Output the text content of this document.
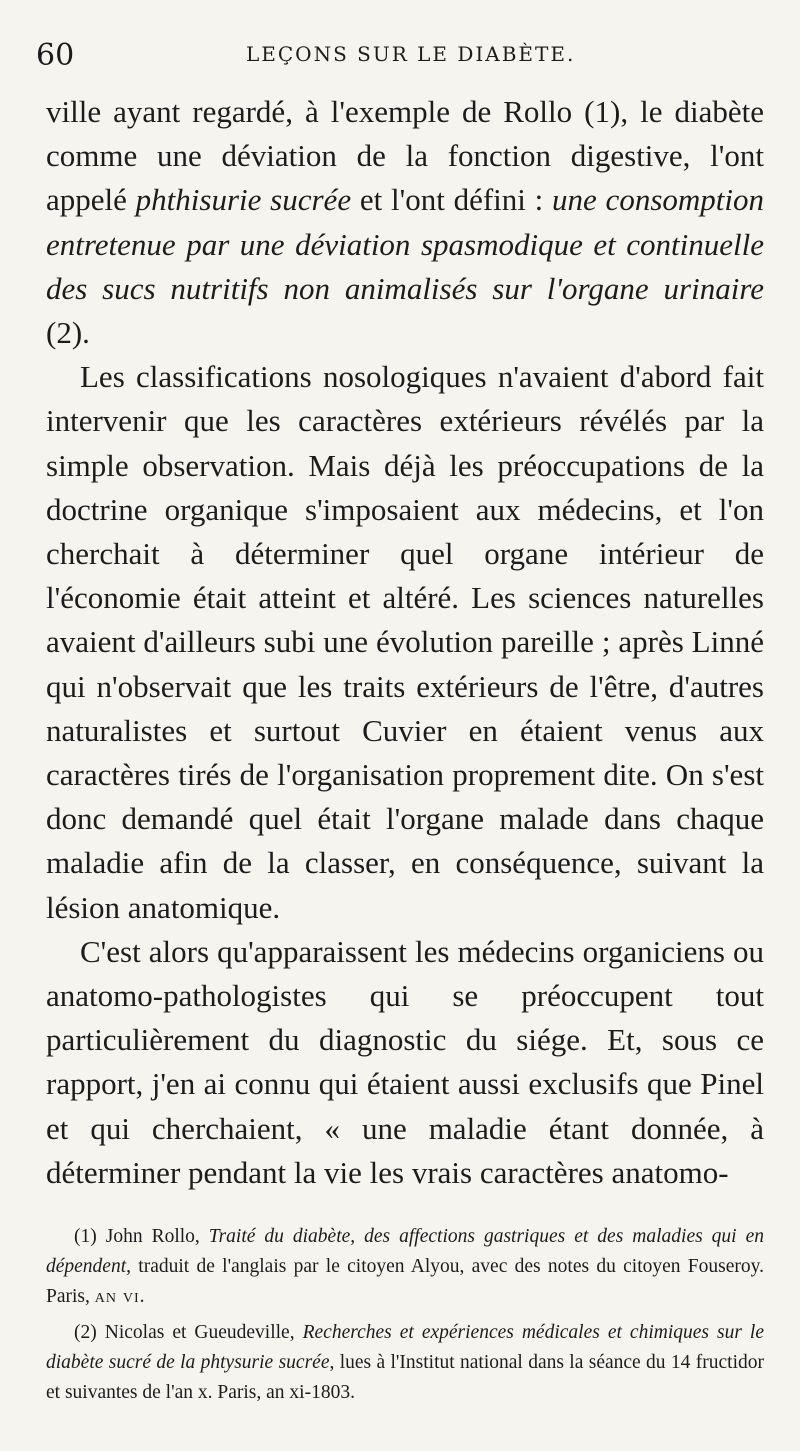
60	LEÇONS SUR LE DIABÈTE.

ville ayant regardé, à l'exemple de Rollo (1), le diabète comme une déviation de la fonction digestive, l'ont appelé phthisurie sucrée et l'ont défini : une consomption entretenue par une déviation spasmodique et continuelle des sucs nutritifs non animalisés sur l'organe urinaire (2).

Les classifications nosologiques n'avaient d'abord fait intervenir que les caractères extérieurs révélés par la simple observation. Mais déjà les préoccupations de la doctrine organique s'imposaient aux médecins, et l'on cherchait à déterminer quel organe intérieur de l'économie était atteint et altéré. Les sciences naturelles avaient d'ailleurs subi une évolution pareille ; après Linné qui n'observait que les traits extérieurs de l'être, d'autres naturalistes et surtout Cuvier en étaient venus aux caractères tirés de l'organisation proprement dite. On s'est donc demandé quel était l'organe malade dans chaque maladie afin de la classer, en conséquence, suivant la lésion anatomique.

C'est alors qu'apparaissent les médecins organiciens ou anatomo-pathologistes qui se préoccupent tout particulièrement du diagnostic du siége. Et, sous ce rapport, j'en ai connu qui étaient aussi exclusifs que Pinel et qui cherchaient, « une maladie étant donnée, à déterminer pendant la vie les vrais caractères anatomo-

(1) John Rollo, Traité du diabète, des affections gastriques et des maladies qui en dépendent, traduit de l'anglais par le citoyen Alyou, avec des notes du citoyen Fouseroy. Paris, an vi.

(2) Nicolas et Gueudeville, Recherches et expériences médicales et chimiques sur le diabète sucré de la phtysurie sucrée, lues à l'Institut national dans la séance du 14 fructidor et suivantes de l'an x. Paris, an xi-1803.
